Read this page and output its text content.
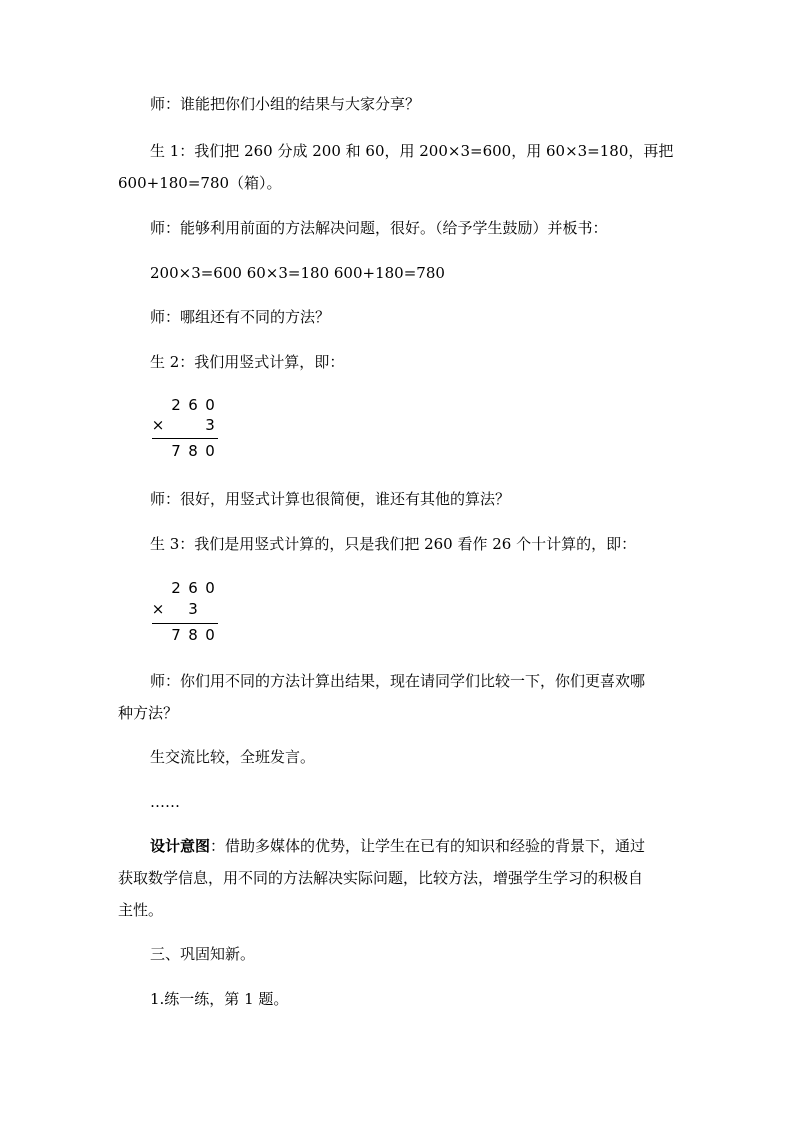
师：谁能把你们小组的结果与大家分享？
生 1：我们把 260 分成 200 和 60，用 200×3=600，用 60×3=180，再把
600+180=780（箱）。
师：能够利用前面的方法解决问题，很好。（给予学生鼓励）并板书：
200×3=600 60×3=180 600+180=780
师：哪组还有不同的方法？
生 2：我们用竖式计算，即：
2 6 0
×	3
7 8 0
师：很好，用竖式计算也很简便，谁还有其他的算法？
生 3：我们是用竖式计算的，只是我们把 260 看作 26 个十计算的，即：
2 6 0
× 3
7 8 0
师：你们用不同的方法计算出结果，现在请同学们比较一下，你们更喜欢哪
种方法？
生交流比较，全班发言。
……
设计意图：借助多媒体的优势，让学生在已有的知识和经验的背景下，通过
获取数学信息，用不同的方法解决实际问题，比较方法，增强学生学习的积极自
主性。
三、巩固知新。
1.练一练，第 1 题。
